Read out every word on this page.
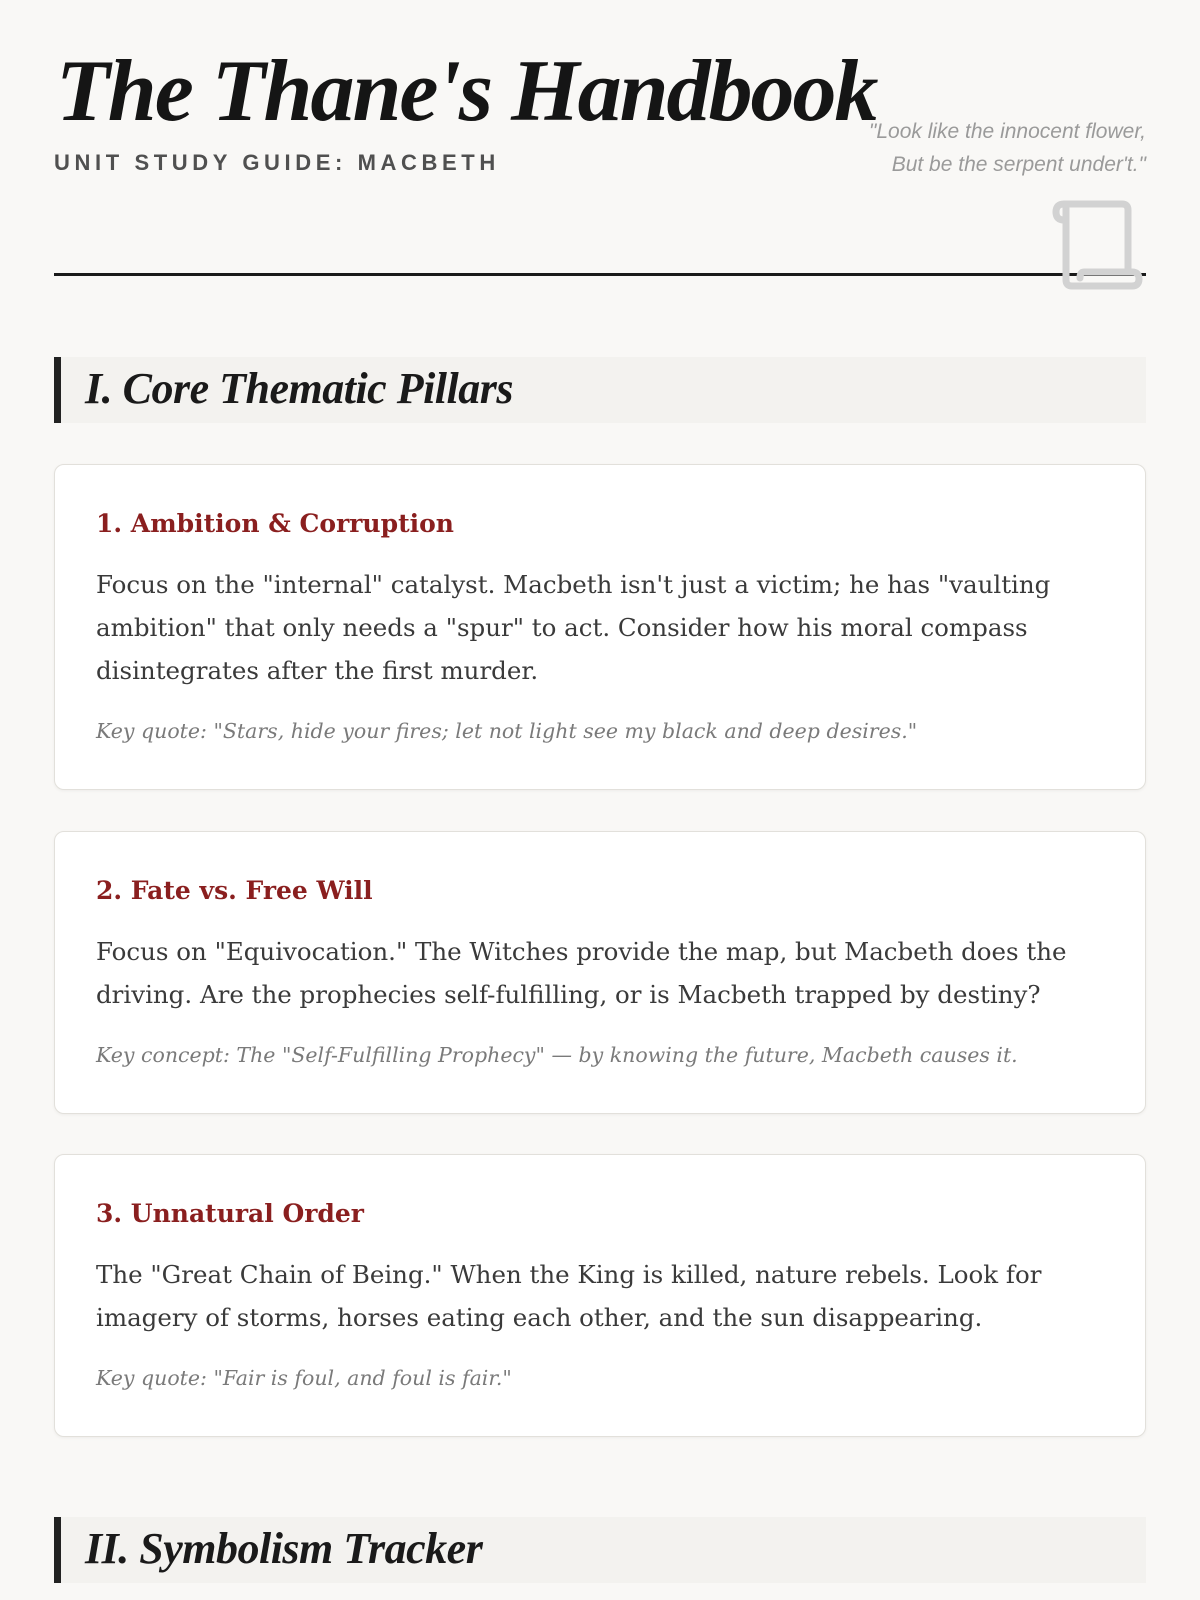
The Thane's Handbook
UNIT STUDY GUIDE: MACBETH
"Look like the innocent flower,
But be the serpent under't."
I. Core Thematic Pillars
1. Ambition & Corruption

Focus on the "internal" catalyst. Macbeth isn't just a victim; he has "vaulting ambition" that only needs a "spur" to act. Consider how his moral compass disintegrates after the first murder.

Key quote: "Stars, hide your fires; let not light see my black and deep desires."

2. Fate vs. Free Will

Focus on "Equivocation." The Witches provide the map, but Macbeth does the driving. Are the prophecies self-fulfilling, or is Macbeth trapped by destiny?

Key concept: The "Self-Fulfilling Prophecy" — by knowing the future, Macbeth causes it.

3. Unnatural Order

The "Great Chain of Being." When the King is killed, nature rebels. Look for imagery of storms, horses eating each other, and the sun disappearing.

Key quote: "Fair is foul, and foul is fair."

II. Symbolism Tracker
